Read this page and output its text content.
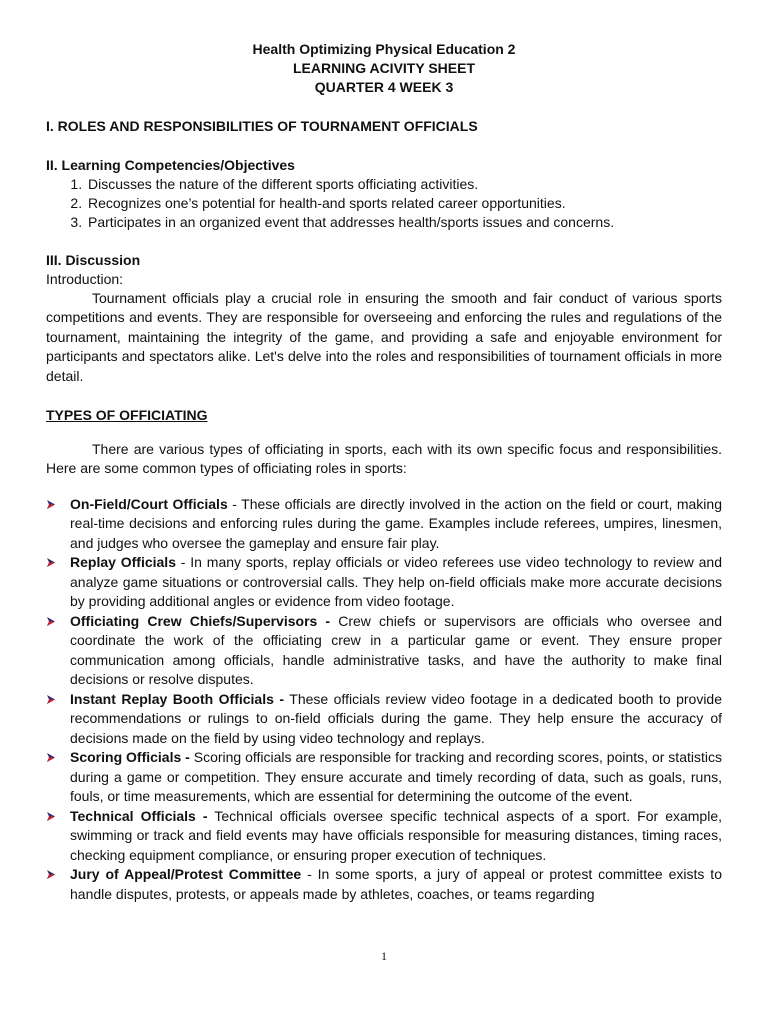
Health Optimizing Physical Education 2
LEARNING ACIVITY SHEET
QUARTER 4 WEEK 3
I. ROLES AND RESPONSIBILITIES OF TOURNAMENT OFFICIALS
II. Learning Competencies/Objectives
1. Discusses the nature of the different sports officiating activities.
2. Recognizes one’s potential for health-and sports related career opportunities.
3. Participates in an organized event that addresses health/sports issues and concerns.
III. Discussion
Introduction:

Tournament officials play a crucial role in ensuring the smooth and fair conduct of various sports competitions and events. They are responsible for overseeing and enforcing the rules and regulations of the tournament, maintaining the integrity of the game, and providing a safe and enjoyable environment for participants and spectators alike. Let's delve into the roles and responsibilities of tournament officials in more detail.

TYPES OF OFFICIATING

There are various types of officiating in sports, each with its own specific focus and responsibilities. Here are some common types of officiating roles in sports:

On-Field/Court Officials - These officials are directly involved in the action on the field or court, making real-time decisions and enforcing rules during the game. Examples include referees, umpires, linesmen, and judges who oversee the gameplay and ensure fair play.
Replay Officials - In many sports, replay officials or video referees use video technology to review and analyze game situations or controversial calls. They help on-field officials make more accurate decisions by providing additional angles or evidence from video footage.
Officiating Crew Chiefs/Supervisors - Crew chiefs or supervisors are officials who oversee and coordinate the work of the officiating crew in a particular game or event. They ensure proper communication among officials, handle administrative tasks, and have the authority to make final decisions or resolve disputes.
Instant Replay Booth Officials - These officials review video footage in a dedicated booth to provide recommendations or rulings to on-field officials during the game. They help ensure the accuracy of decisions made on the field by using video technology and replays.
Scoring Officials - Scoring officials are responsible for tracking and recording scores, points, or statistics during a game or competition. They ensure accurate and timely recording of data, such as goals, runs, fouls, or time measurements, which are essential for determining the outcome of the event.
Technical Officials - Technical officials oversee specific technical aspects of a sport. For example, swimming or track and field events may have officials responsible for measuring distances, timing races, checking equipment compliance, or ensuring proper execution of techniques.
Jury of Appeal/Protest Committee - In some sports, a jury of appeal or protest committee exists to handle disputes, protests, or appeals made by athletes, coaches, or teams regarding
1
